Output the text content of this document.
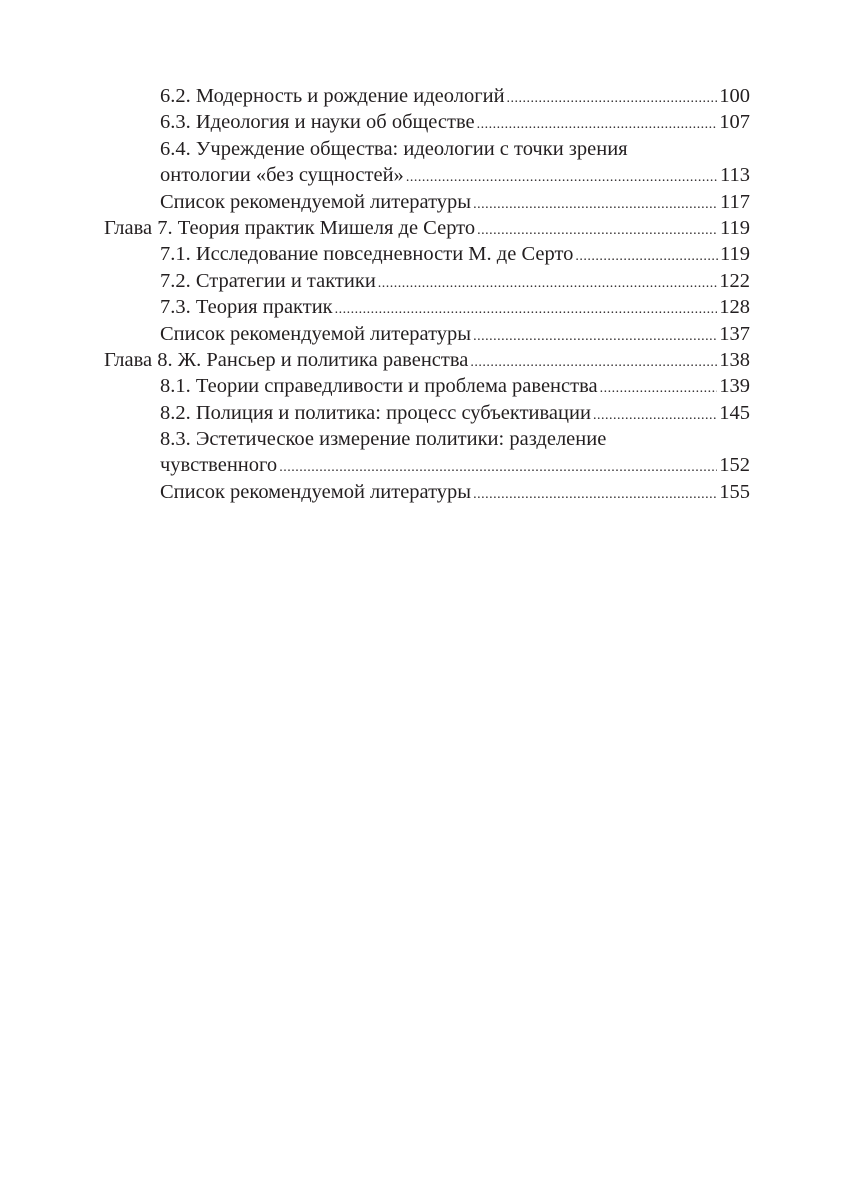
6.2. Модерность и рождение идеологий .....	100
6.3. Идеология и науки об обществе .....	107
6.4. Учреждение общества: идеологии с точки зрения
онтологии «без сущностей» .....	113
Список рекомендуемой литературы .....	117
Глава 7. Теория практик Мишеля де Серто .....	119
7.1. Исследование повседневности М. де Серто .....	119
7.2. Стратегии и тактики .....	122
7.3. Теория практик .....	128
Список рекомендуемой литературы .....	137
Глава 8. Ж. Рансьер и политика равенства .....	138
8.1. Теории справедливости и проблема равенства .....	139
8.2. Полиция и политика: процесс субъективации .....	145
8.3. Эстетическое измерение политики: разделение
чувственного .....	152
Список рекомендуемой литературы .....	155
